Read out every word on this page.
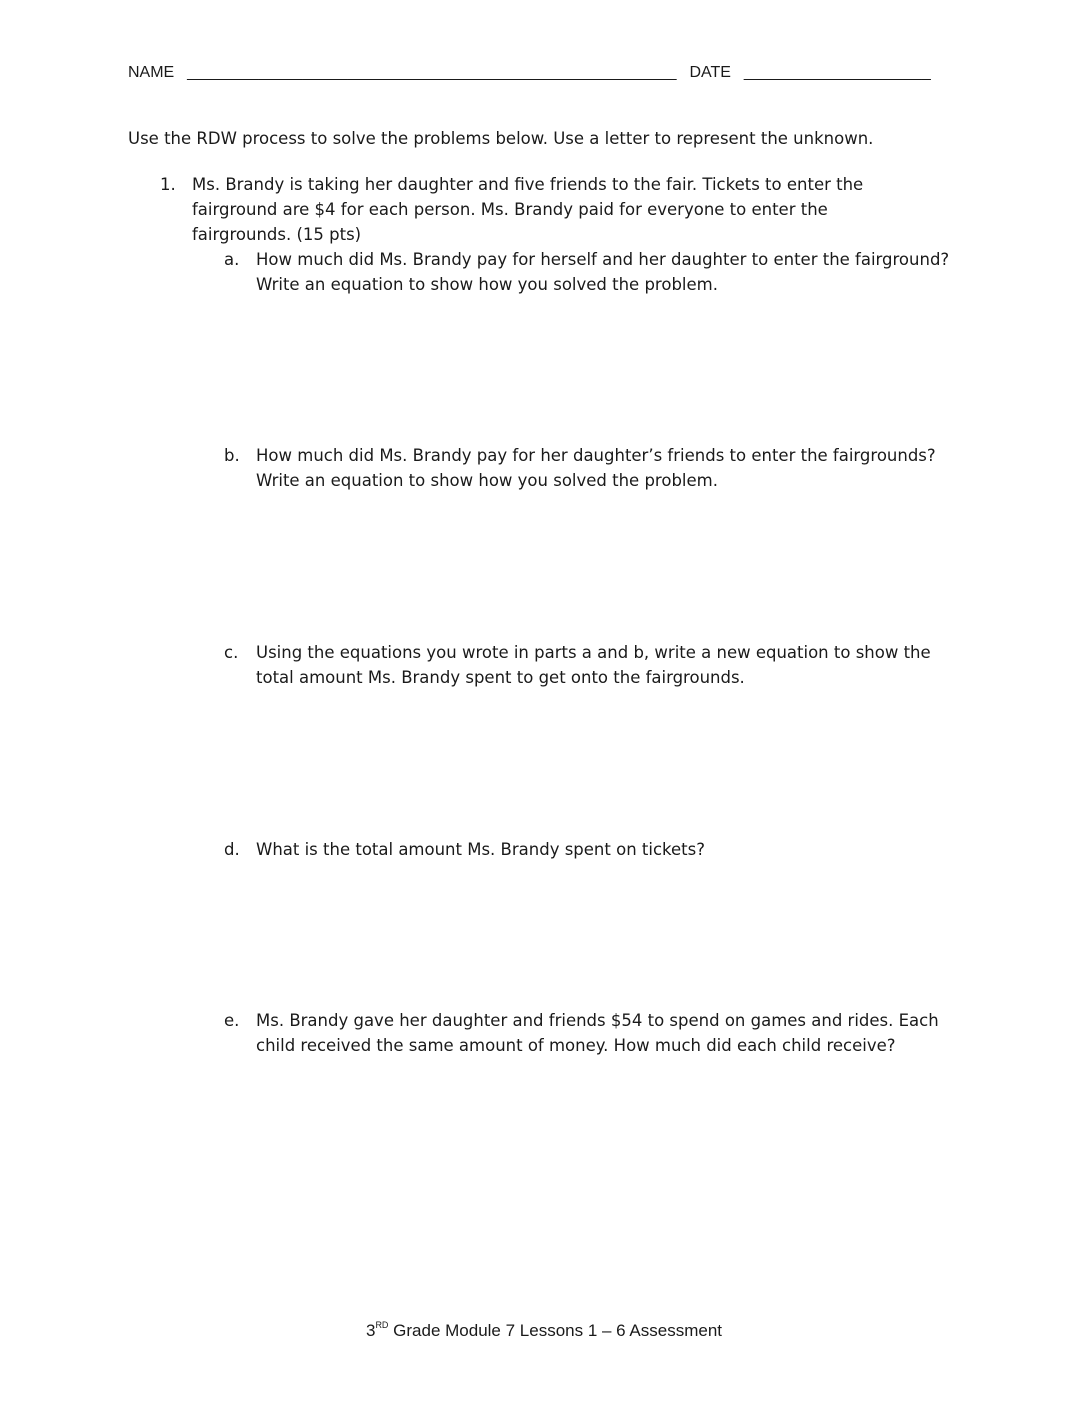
NAME _______________________________________________________ DATE _____________________
Use the RDW process to solve the problems below. Use a letter to represent the unknown.
1. Ms. Brandy is taking her daughter and five friends to the fair. Tickets to enter the fairground are $4 for each person. Ms. Brandy paid for everyone to enter the fairgrounds. (15 pts)
a. How much did Ms. Brandy pay for herself and her daughter to enter the fairground? Write an equation to show how you solved the problem.
b. How much did Ms. Brandy pay for her daughter’s friends to enter the fairgrounds? Write an equation to show how you solved the problem.
c. Using the equations you wrote in parts a and b, write a new equation to show the total amount Ms. Brandy spent to get onto the fairgrounds.
d. What is the total amount Ms. Brandy spent on tickets?
e. Ms. Brandy gave her daughter and friends $54 to spend on games and rides. Each child received the same amount of money. How much did each child receive?
3RD Grade Module 7 Lessons 1 – 6 Assessment
